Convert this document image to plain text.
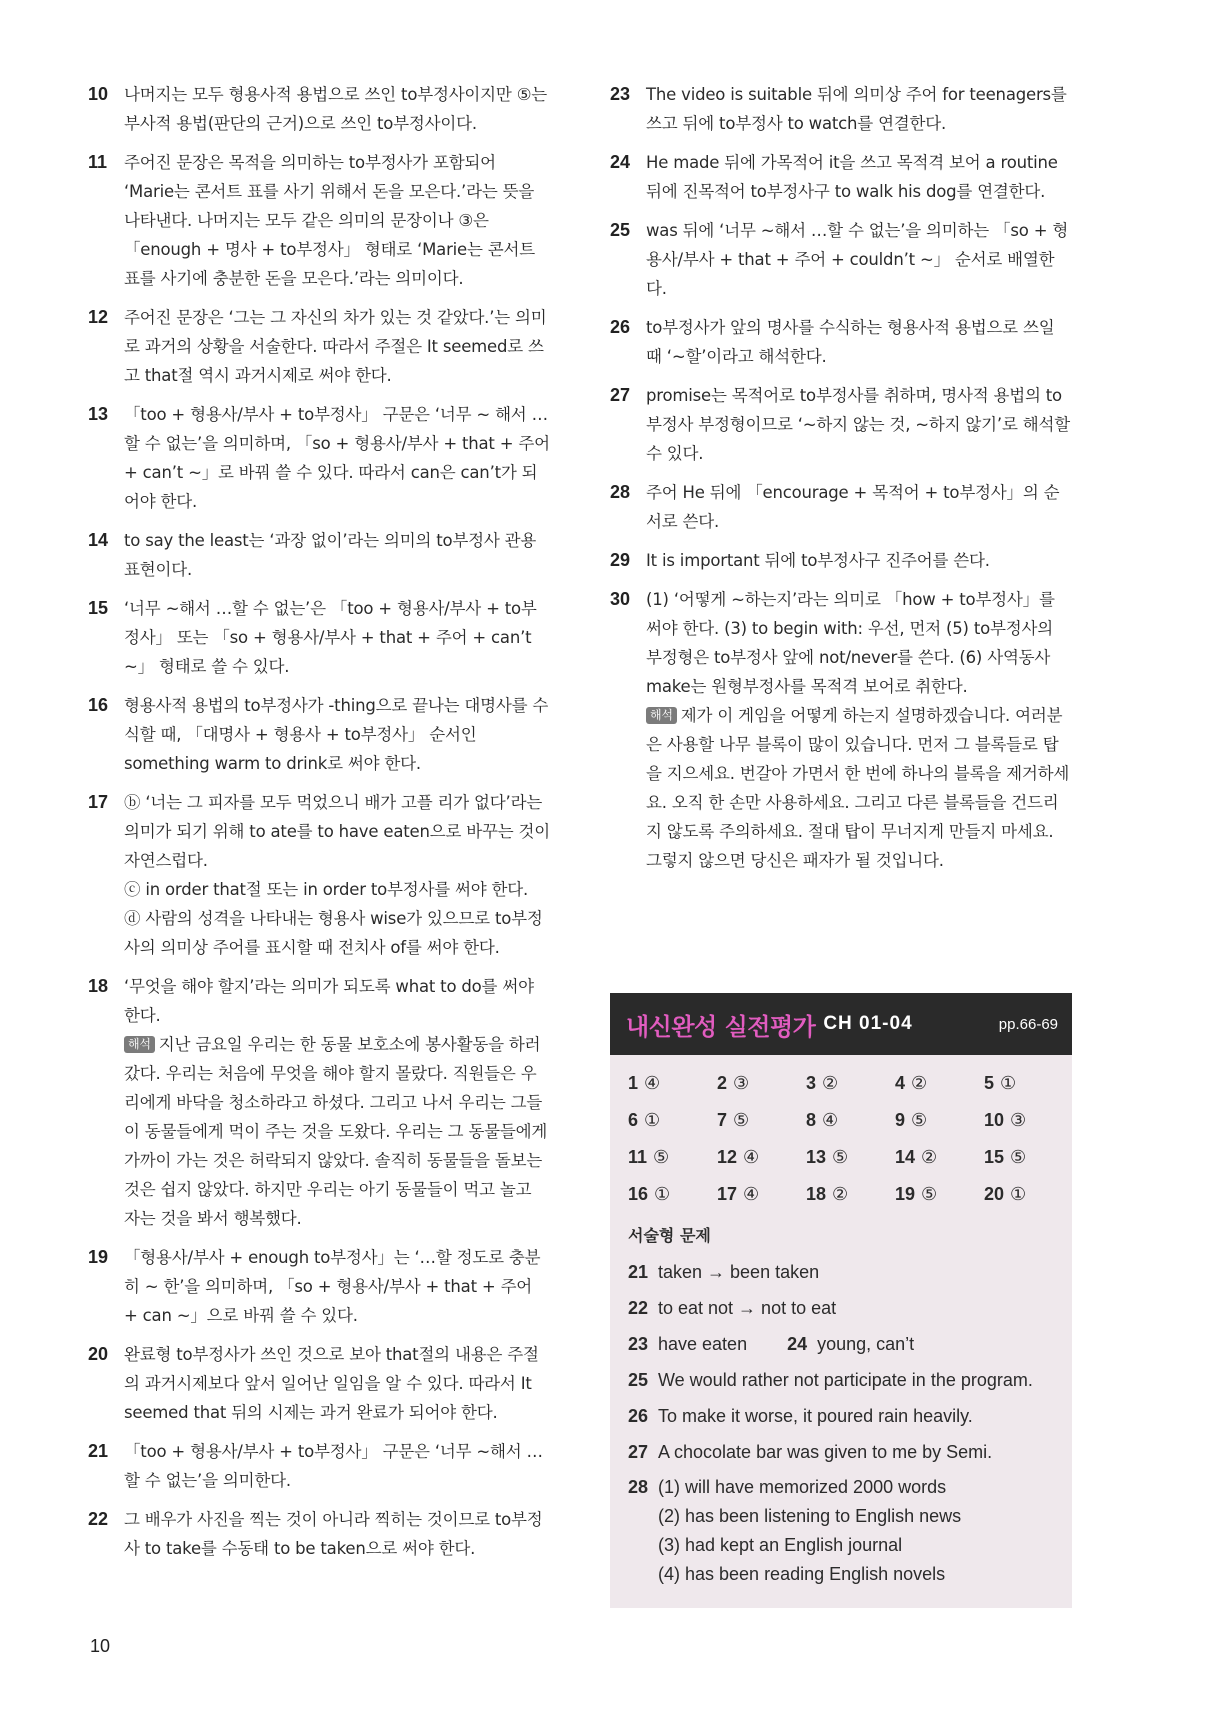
10 나머지는 모두 형용사적 용법으로 쓰인 to부정사이지만 ⑤는 부사적 용법(판단의 근거)으로 쓰인 to부정사이다.

11	주어진 문장은 목적을 의미하는 to부정사가 포함되어 ‘Marie는 콘서트 표를 사기 위해서 돈을 모은다.’라는 뜻을 나타낸다. 나머지는 모두 같은 의미의 문장이나 ③은 「enough + 명사 + to부정사」 형태로 ‘Marie는 콘서트 표를 사기에 충분한 돈을 모은다.’라는 의미이다.

12 주어진 문장은 ‘그는 그 자신의 차가 있는 것 같았다.’는 의미로 과거의 상황을 서술한다. 따라서 주절은 It seemed로 쓰고 that절 역시 과거시제로 써야 한다.

13 「too + 형용사/부사 + to부정사」 구문은 ‘너무 ~ 해서 … 할 수 없는’을 의미하며, 「so + 형용사/부사 + that + 주어 + can’t ~」로 바꿔 쓸 수 있다. 따라서 can은 can’t가 되어야 한다.

14 to say the least는 ‘과장 없이’라는 의미의 to부정사 관용 표현이다.

15 ‘너무 ~해서 …할 수 없는’은 「too + 형용사/부사 + to부정사」 또는 「so + 형용사/부사 + that + 주어 + can’t ~」 형태로 쓸 수 있다.

16 형용사적 용법의 to부정사가 -thing으로 끝나는 대명사를 수식할 때, 「대명사 + 형용사 + to부정사」 순서인 something warm to drink로 써야 한다.

17 ⓑ ‘너는 그 피자를 모두 먹었으니 배가 고플 리가 없다’라는 의미가 되기 위해 to ate를 to have eaten으로 바꾸는 것이 자연스럽다.

ⓒ in order that절 또는 in order to부정사를 써야 한다.

ⓓ 사람의 성격을 나타내는 형용사 wise가 있으므로 to부정사의 의미상 주어를 표시할 때 전치사 of를 써야 한다.

18 ‘무엇을 해야 할지’라는 의미가 되도록 what to do를 써야 한다.

해석 지난 금요일 우리는 한 동물 보호소에 봉사활동을 하러 갔다. 우리는 처음에 무엇을 해야 할지 몰랐다. 직원들은 우리에게 바닥을 청소하라고 하셨다. 그리고 나서 우리는 그들이 동물들에게 먹이 주는 것을 도왔다. 우리는 그 동물들에게 가까이 가는 것은 허락되지 않았다. 솔직히 동물들을 돌보는 것은 쉽지 않았다. 하지만 우리는 아기 동물들이 먹고 놀고 자는 것을 봐서 행복했다.

19 「형용사/부사 + enough to부정사」는 ‘…할 정도로 충분히 ~ 한’을 의미하며, 「so + 형용사/부사 + that + 주어 + can ~」으로 바꿔 쓸 수 있다.

20 완료형 to부정사가 쓰인 것으로 보아 that절의 내용은 주절의 과거시제보다 앞서 일어난 일임을 알 수 있다. 따라서 It seemed that 뒤의 시제는 과거 완료가 되어야 한다.

21 「too + 형용사/부사 + to부정사」 구문은 ‘너무 ~해서 …할 수 없는’을 의미한다.

22 그 배우가 사진을 찍는 것이 아니라 찍히는 것이므로 to부정사 to take를 수동태 to be taken으로 써야 한다.

23 The video is suitable 뒤에 의미상 주어 for teenagers를 쓰고 뒤에 to부정사 to watch를 연결한다.

24 He made 뒤에 가목적어 it을 쓰고 목적격 보어 a routine 뒤에 진목적어 to부정사구 to walk his dog를 연결한다.

25 was 뒤에 ‘너무 ~해서 …할 수 없는’을 의미하는 「so + 형용사/부사 + that + 주어 + couldn’t ~」 순서로 배열한다.

26 to부정사가 앞의 명사를 수식하는 형용사적 용법으로 쓰일 때 ‘~할’이라고 해석한다.

27 promise는 목적어로 to부정사를 취하며, 명사적 용법의 to부정사 부정형이므로 ‘~하지 않는 것, ~하지 않기’로 해석할 수 있다.

28 주어 He 뒤에 「encourage + 목적어 + to부정사」의 순서로 쓴다.

29 It is important 뒤에 to부정사구 진주어를 쓴다.

30 (1) ‘어떻게 ~하는지’라는 의미로 「how + to부정사」를 써야 한다. (3) to begin with: 우선, 먼저 (5) to부정사의 부정형은 to부정사 앞에 not/never를 쓴다. (6) 사역동사 make는 원형부정사를 목적격 보어로 취한다.

해석 제가 이 게임을 어떻게 하는지 설명하겠습니다. 여러분은 사용할 나무 블록이 많이 있습니다. 먼저 그 블록들로 탑을 지으세요. 번갈아 가면서 한 번에 하나의 블록을 제거하세요. 오직 한 손만 사용하세요. 그리고 다른 블록들을 건드리지 않도록 주의하세요. 절대 탑이 무너지게 만들지 마세요. 그렇지 않으면 당신은 패자가 될 것입니다.

내신완성 실전평가 CH 01-04	pp.66-69
1 ④	2 ③	3 ②	4 ②	5 ①
6 ①	7 ⑤	8 ④	9 ⑤	10 ③
11 ⑤	12 ④	13 ⑤	14 ②	15 ⑤
16 ①	17 ④	18 ②	19 ⑤	20 ①
서술형 문제
21 taken → been taken
22 to eat not → not to eat
23 have eaten 24 young, can’t
25 We would rather not participate in the program.
26 To make it worse, it poured rain heavily.
27 A chocolate bar was given to me by Semi.
28 (1) will have memorized 2000 words
(2) has been listening to English news
(3) had kept an English journal
(4) has been reading English novels
10
